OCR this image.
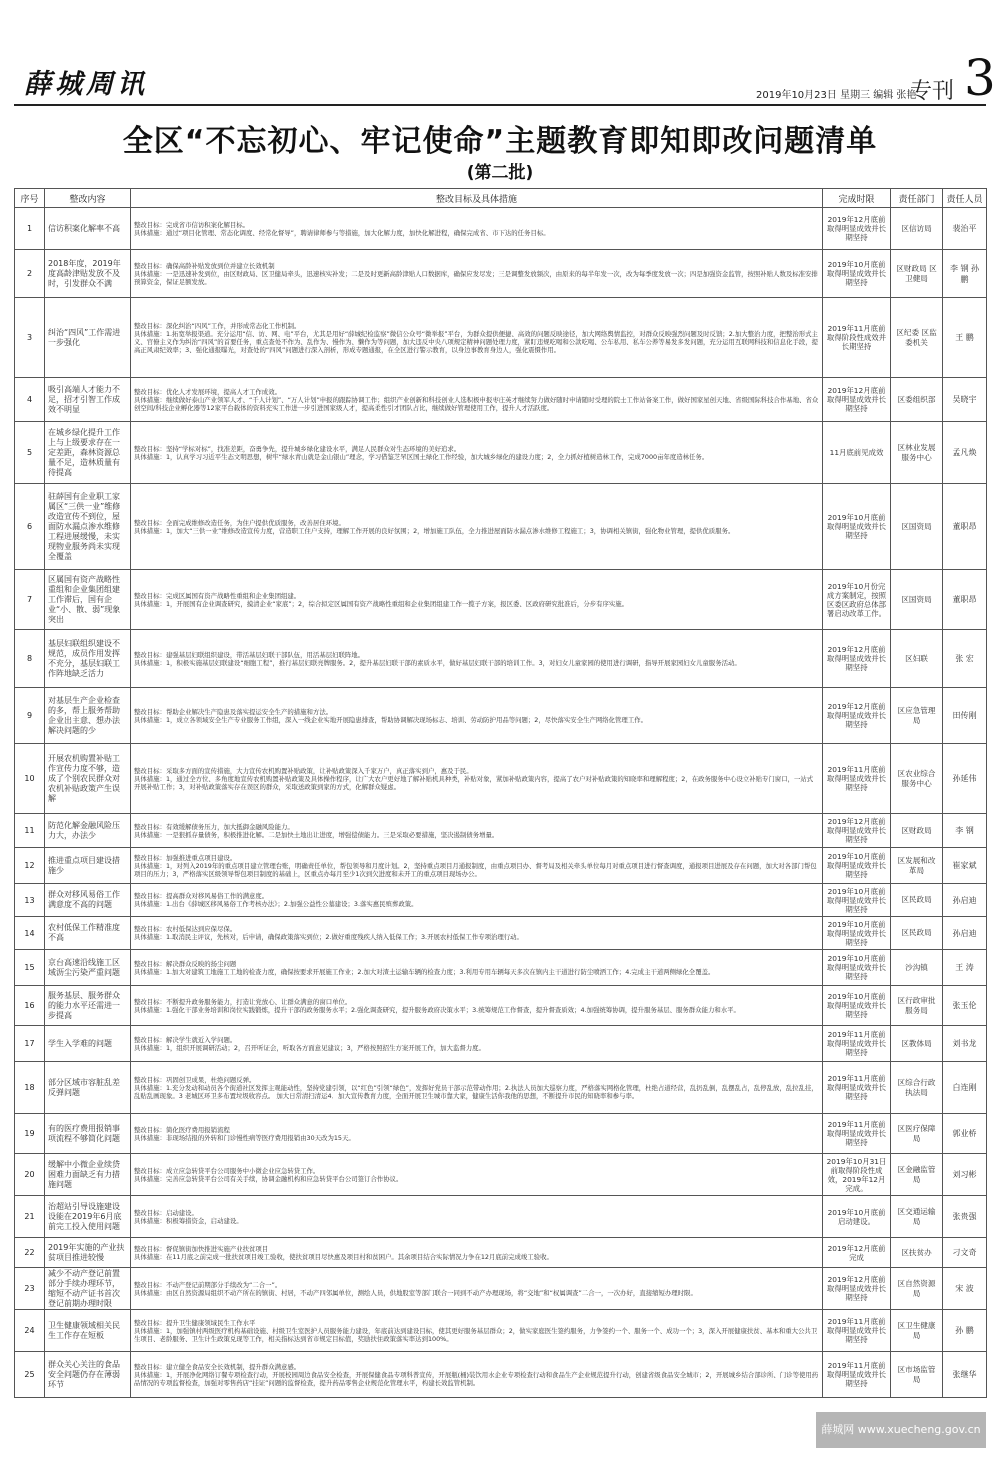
薛城周讯	2019年10月23日 星期三 编辑 张艳
专刊 3
全区“不忘初心、牢记使命”主题教育即知即改问题清单
(第二批)
序号	整改内容	整改目标及具体措施	完成时限	责任部门	责任人员
1	信访积案化解率不高	整改目标：完成省市信访积案化解目标。
具体措施：通过“项目化管理、常态化调度、经常化督导”，聘请律师参与等措施，加大化解力度，加快化解进程，确保完成省、市下达的任务目标。	2019年12月底前取得明显成效并长期坚持	区信访局	裴治平
2	2018年度，2019年度高龄津贴发放不及时，引发群众不满	整改目标：确保高龄补贴发放到位并建立长效机制
具体措施：一是迅速补发到位，由区财政局、区卫健局牵头，迅速核实补发；二是及时更新高龄津贴人口数据库，确保应发尽发；三是调整发放频次，由原来的每半年发一次，改为每季度发放一次；四是加强资金监管，按照补贴人数及标准安排预算资金，保证足额发放。	2019年10月底前取得明显成效并长期坚持	区财政局 区卫健局	李 钢 孙 鹏
3	纠治“四风”工作需进一步强化	整改目标：深化纠治“四风”工作，并形成常态化工作机制。
具体措施：1.拓宽举报渠道。充分运用“信、访、网、电”平台，尤其是用好“薛城纪检监察”微信公众号“微举报”平台，为群众提供便捷、高效的问题反映途径，加大网络舆情监控，对群众反映强烈问题及时反馈；2.加大整治力度，把整治形式主义、官僚主义作为纠治“四风”的首要任务，重点查处不作为、乱作为、慢作为、懒作为等问题，加大违反中央八项规定精神问题处理力度，紧盯违规吃喝和公款吃喝、公车私用、私车公养等易发多发问题，充分运用互联网科技和信息化手段，提高正风肃纪效率；3、强化通报曝光，对查处的“四风”问题进行深入剖析，形成专题通报，在全区进行警示教育，以身边事教育身边人，强化震慑作用。	2019年11月底前取得阶段性成效并长期坚持	区纪委 区监委机关	王 鹏
4	吸引高端人才能力不足，招才引智工作成效不明显	整改目标：优化人才发展环境，提高人才工作成效。
具体措施：继续做好泰山产业领军人才、“千人计划”、“万人计划”申报的跟踪协调工作；组织产业创新和科技创业人选积极申报枣庄英才继续努力做好随时申请随时受理的院士工作站备案工作，做好国家星创天地、省级国际科技合作基地、省众创空间/科技企业孵化器等12家平台载体的资料充实工作进一步引进国家级人才，提高柔性引才团队占比，继续做好管理使用工作，提升人才活跃度。	2019年12月底前取得明显成效并长期坚持	区委组织部	吴晓宇
5	在城乡绿化提升工作上与上级要求存在一定差距，森林资源总量不足，造林质量有待提高	整改目标：坚持“学标对标”，找准差距，奋勇争先，提升城乡绿化建设水平，满足人民群众对生态环境的美好追求。
具体措施：1，认真学习习近平生态文明思想，树牢“绿水青山就是金山银山”理念，学习借鉴芝罘区国土绿化工作经验，加大城乡绿化的建设力度；2，全力抓好植树造林工作，完成7000亩年度造林任务。	11月底前见成效	区林业发展服务中心	孟凡焕
6	驻薛国有企业职工家属区“三供一业”维修改造宣传不到位，屋面防水漏点渗水维修工程进展缓慢，未实现物业服务尚未实现全覆盖	整改目标：全面完成维修改造任务，为住户提供优质服务，改善居住环境。
具体措施：1，加大“三供一业”维修改造宣传力度，营造职工住户支持，理解工作开展的良好氛围；2，增加施工队伍，全力推进屋面防水漏点渗水维修工程施工；3，协调相关镇街，强化物业管理，提供优质服务。	2019年10月底前取得明显成效并长期坚持	区国资局	董职昂
7	区属国有资产战略性重组和企业集团组建工作滞后，国有企业“小、散、弱”现象突出	整改目标：完成区属国有资产战略性重组和企业集团组建。
具体措施：1，开展国有企业调查研究，摸清企业“家底”；2，综合拟定区属国有资产战略性重组和企业集团组建工作一揽子方案，报区委、区政府研究批准后，分步有序实施。	2019年10月份完成方案制定，按照区委区政府总体部署启动改革工作。	区国资局	董职昂
8	基层妇联组织建设不规范，成员作用发挥不充分，基层妇联工作阵地缺乏活力	整改目标：建强基层妇联组织建设，带活基层妇联干部队伍，用活基层妇联阵地。
具体措施：1，积极实施基层妇联建设“细胞工程”，推行基层妇联亮牌服务。2，提升基层妇联干部的素质水平，做好基层妇联干部的培训工作。3，对妇女儿童家园的使用进行调研，指导开展家园妇女儿童服务活动。	2019年12月底前取得明显成效并长期坚持	区妇联	张 宏
9	对基层生产企业检查的多，帮上服务帮助企业出主意、想办法解决问题的少	整改目标：帮助企业解决生产隐患及落实提运安全生产的措施和方法。
具体措施：1，成立各领域安全生产专业服务工作组，深入一线企业实地开展隐患排查，帮助协调解决现场标志、培训、劳动防护用品等问题；2，尽快落实安全生产网络化管理工作。	2019年12月底前取得明显成效并长期坚持	区应急管理局	田传刚
10	开展农机购置补贴工作宣传力度不够，造成了个别农民群众对农机补贴政策产生误解	整改目标：采取多方面的宣传措施，大力宣传农机购置补贴政策，让补贴政策深入千家万户，真正落实到户，惠及于民。
具体措施：1，通过全方位、多角度地宣传农机购置补贴政策及具体操作程序，让广大农户更好地了解补贴机具种类，补贴对象，紧加补贴政策内容，提高了农户对补贴政策的知晓率和理解程度；2，在政务服务中心设立补贴专门窗口，一站式开展补贴工作；3，对补贴政策落实存在误区的群众，采取送政策到家的方式，化解群众疑虑。	2019年11月底前取得明显成效并长期坚持	区农业综合服务中心	孙延伟
11	防范化解金融风险压力大，办法少	整改目标：有效缓解债务压力，加大抵御金融风险能力。
具体措施：一是狠抓存量债务，积极推进化解。二是加快土地出让进度，增强偿债能力。三是采取必要措施，坚决遏制债务增量。	2019年12月底前取得明显成效并长期坚持	区财政局	李 钢
12	推进重点项目建设措施少	整改目标：加强推进重点项目建设。
具体措施：1，对列入2019年的重点项目建立管理台账，明确责任单位，帮包领导和月度计划。2，坚持重点项目月通报制度，由重点项目办、督考局及相关牵头单位每月对重点项目进行督查调度，通报项目进展及存在问题，加大对各部门帮包项目的压力；3，严格落实区级领导帮包项目制度的基础上，区重点办每月至少1次到欠进度和未开工的重点项目现场办公。	2019年10月底前取得明显成效并长期坚持	区发展和改革局	崔家斌
13	群众对移风易俗工作满意度不高的问题	整改目标：提高群众对移风易俗工作的满意度。
具体措施：1.出台《薛城区移风易俗工作考核办法》；2.加强公益性公墓建设；3.落实惠民殡葬政策。	2019年10月底前取得明显成效并长期坚持	区民政局	孙启迪
14	农村低保工作精准度不高	整改目标：农村低保达到应保尽保。
具体措施：1.取消民主评议，先核对，后申请，确保政策落实到位；2.做好重度残疾人纳入低保工作；3.开展农村低保工作专项治理行动。	2019年10月底前取得明显成效并长期坚持	区民政局	孙启迪
15	京台高速沿线施工区域沥尘污染严重问题	整改目标：解决群众反映的扬尘问题
具体措施：1.加大对建筑工地施工工地的检查力度，确保按要求开展施工作业；2.加大对渣土运输车辆的检查力度；3.利用专用车辆每天多次在镇内主干道进行防尘喷洒工作；4.完成主干道两侧绿化全覆盖。	2019年10月底前取得明显成效并长期坚持	沙沟镇	王 涛
16	服务基层、服务群众的能力水平还需进一步提高	整改目标：不断提升政务服务能力，打造让党放心、让群众满意的窗口单位。
具体措施：1.强化干部业务培训和岗位实践锻炼，提升干部的政务服务水平；2.强化调查研究，提升服务政府决策水平；3.统筹规范工作督查，提升督查质效；4.加强统筹协调，提升服务基层、服务群众能力和水平。	2019年10月底前取得明显成效并长期坚持	区行政审批服务局	张玉伦
17	学生入学难的问题	整改目标：解决学生就近入学问题。
具体措施：1，组织开展调研活动；2，召开听证会，听取各方面意见建议；3，严格按照招生方案开展工作，加大监督力度。	2019年11月底前取得明显成效并长期坚持	区教体局	刘书龙
18	部分区域市容脏乱差反弹问题	整改目标：巩固创卫成果，杜绝问题反弹。
具体措施：1.充分发动和动员各个街道社区发挥主观能动性，坚持党建引领，以“红色”引领“绿色”，发挥好党员干部示范带动作用；2.执法人员加大巡察力度，严格落实网格化管理，杜绝占道经营，乱扔乱倒，乱摆乱占，乱停乱放，乱拉乱挂，乱贴乱画现象。3 老城区环卫多布置垃圾收容点。 加大日常清扫清运4．加大宣传教育力度，全面开展卫生城市靠大家，健康生活你我他的思想，不断提升市民的知晓率和参与率。	2019年11月底前取得明显成效并长期坚持	区综合行政执法局	白连刚
19	有的医疗费用报销事项流程不够简化问题	整改目标：简化医疗费用报销流程
具体措施：非现场结报的外转和门诊慢性病等医疗费用报销由30天改为15天。	2019年11月底前取得明显成效并长期坚持	区医疗保障局	郭业桥
20	缓解中小微企业续贷困难力面缺乏有力措施问题	整改目标：成立应急转贷平台公司服务中小微企业应急转贷工作。
具体措施：完善应急转贷平台公司有关手续，协调金融机构和应急转贷平台公司签订合作协议。	2019年10月31日前取得阶段性成效，2019年12月完成。	区金融监管局	刘习彬
21	治超站引导设施建设设能在2019年6月底前完工投入使用问题	整改目标：启动建设。
具体措施：积极筹措资金，启动建设。	2019年10月底前启动建设。	区交通运输局	张贵强
22	2019年实施的产业扶贫项目推进较慢	整改目标：督促镇街加快推进实施产业扶贫项目
具体措施：在11月底之前完成一批扶贫项目竣工验收，使扶贫项目尽快惠及项目村和贫困户。其余项目结合实际情况力争在12月底前完成竣工验收。	2019年12月底前完成	区扶贫办	刁文奇
23	减少不动产登记前置部分手续办理环节，缩短不动产证书首次登记前期办理时限	整改目标：不动产登记前期部分手续改为“二合一”。
具体措施：由区自然资源局组织不动产所在的镇街、村居，不动产四邻属单位，测绘人员，供地股室等部门联合一同到不动产办理现场，将“交地”和“权属调查”二合一，一次办好，直接缩短办理时限。	2019年12月底前取得明显成效并长期坚持	区自然资源局	宋 波
24	卫生健康领域相关民生工作存在短板	整改目标：提升卫生健康领域民生工作水平
具体措施：1，加强镇村两级医疗机构基础设施、村级卫生室医护人员服务能力建设，年底前达到建设目标，使其更好服务基层群众；2，做实家庭医生签约服务，力争签约一个、服务一个、成功一个；3，深入开展健康扶贫、基本和重大公共卫生项目、老龄服务、卫生计生政策兑现等工作，相关指标达到省市规定目标值，奖励扶住政策落实率达到100%。	2019年11月底前取得明显成效并长期坚持	区卫生健康局	孙 鹏
25	群众关心关注的食品安全问题仍存在薄弱环节	整改目标：建立健全食品安全长效机制，提升群众满意感。
具体措施：1，开展净化网络订餐专项检查行动，开展校园周边食品安全检查，开展保健食品专项科普宣传，开展瓶(桶)装饮用水企业专项检查行动和食品生产企业规范提升行动，创建省级食品安全城市；2，开展城乡结合部诊所、门诊等使用药品情况的专项监督检查，加强对零售药店“挂证”问题的监督检查，提升药品零售企业规范化管理水平，构建长效监管机制。	2019年11月底前取得明显成效并长期坚持	区市场监管局	张继华
薛城网 www.xuecheng.gov.cn
